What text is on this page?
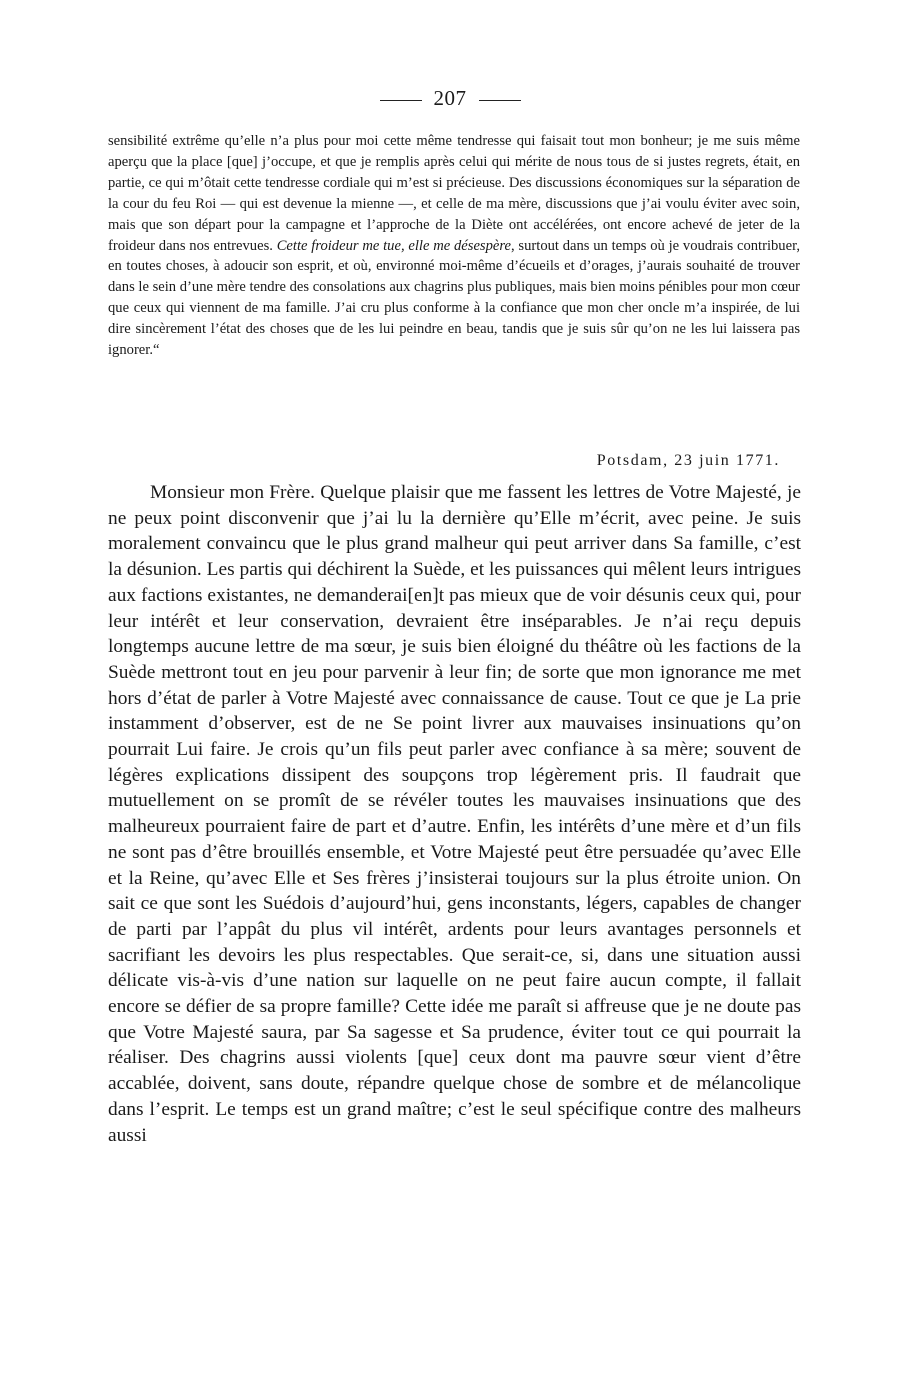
207

sensibilité extrême qu’elle n’a plus pour moi cette même tendresse qui faisait tout mon bonheur; je me suis même aperçu que la place [que] j’occupe, et que je remplis après celui qui mérite de nous tous de si justes regrets, était, en partie, ce qui m’ôtait cette tendresse cordiale qui m’est si précieuse. Des discussions économiques sur la séparation de la cour du feu Roi — qui est devenue la mienne —, et celle de ma mère, discussions que j’ai voulu éviter avec soin, mais que son départ pour la campagne et l’approche de la Diète ont accélérées, ont encore achevé de jeter de la froideur dans nos entrevues. Cette froideur me tue, elle me désespère, surtout dans un temps où je voudrais contribuer, en toutes choses, à adoucir son esprit, et où, environné moi-même d’écueils et d’orages, j’aurais souhaité de trouver dans le sein d’une mère tendre des consolations aux chagrins plus publiques, mais bien moins pénibles pour mon cœur que ceux qui viennent de ma famille. J’ai cru plus conforme à la confiance que mon cher oncle m’a inspirée, de lui dire sincèrement l’état des choses que de les lui peindre en beau, tandis que je suis sûr qu’on ne les lui laissera pas ignorer.“

Potsdam, 23 juin 1771.

Monsieur mon Frère. Quelque plaisir que me fassent les lettres de Votre Majesté, je ne peux point disconvenir que j’ai lu la dernière qu’Elle m’écrit, avec peine. Je suis moralement convaincu que le plus grand malheur qui peut arriver dans Sa famille, c’est la désunion. Les partis qui déchirent la Suède, et les puissances qui mêlent leurs intrigues aux factions existantes, ne demanderai[en]t pas mieux que de voir désunis ceux qui, pour leur intérêt et leur conservation, devraient être inséparables. Je n’ai reçu depuis longtemps aucune lettre de ma sœur, je suis bien éloigné du théâtre où les factions de la Suède mettront tout en jeu pour parvenir à leur fin; de sorte que mon ignorance me met hors d’état de parler à Votre Majesté avec connaissance de cause. Tout ce que je La prie instamment d’observer, est de ne Se point livrer aux mauvaises insinuations qu’on pourrait Lui faire. Je crois qu’un fils peut parler avec confiance à sa mère; souvent de légères explications dissipent des soupçons trop légèrement pris. Il faudrait que mutuellement on se promît de se révéler toutes les mauvaises insinuations que des malheureux pourraient faire de part et d’autre. Enfin, les intérêts d’une mère et d’un fils ne sont pas d’être brouillés ensemble, et Votre Majesté peut être persuadée qu’avec Elle et la Reine, qu’avec Elle et Ses frères j’insisterai toujours sur la plus étroite union. On sait ce que sont les Suédois d’aujourd’hui, gens inconstants, légers, capables de changer de parti par l’appât du plus vil intérêt, ardents pour leurs avantages personnels et sacrifiant les devoirs les plus respectables. Que serait-ce, si, dans une situation aussi délicate vis-à-vis d’une nation sur laquelle on ne peut faire aucun compte, il fallait encore se défier de sa propre famille? Cette idée me paraît si affreuse que je ne doute pas que Votre Majesté saura, par Sa sagesse et Sa prudence, éviter tout ce qui pourrait la réaliser. Des chagrins aussi violents [que] ceux dont ma pauvre sœur vient d’être accablée, doivent, sans doute, répandre quelque chose de sombre et de mélancolique dans l’esprit. Le temps est un grand maître; c’est le seul spécifique contre des malheurs aussi
